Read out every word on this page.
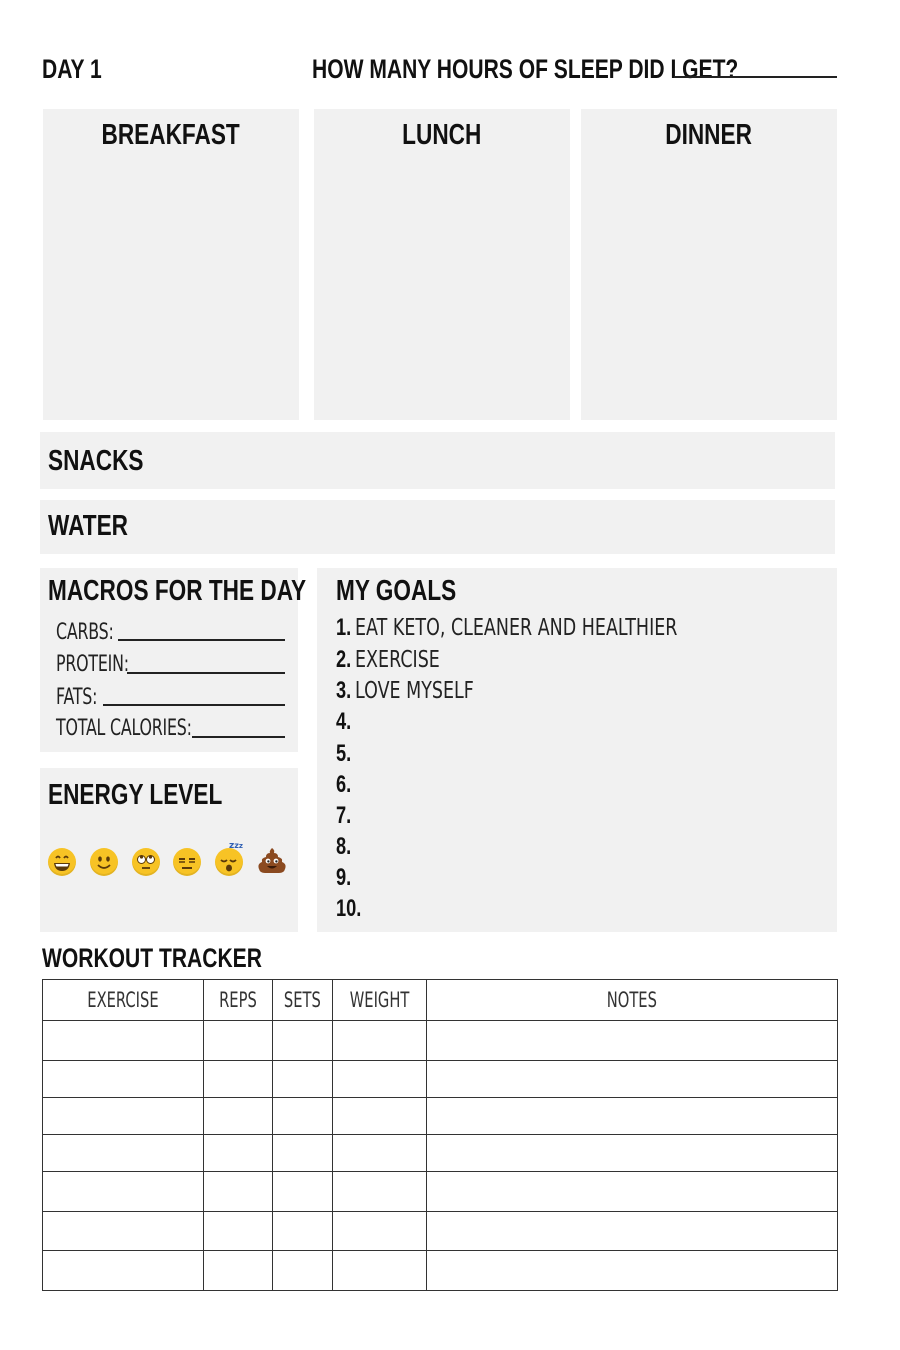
DAY 1	HOW MANY HOURS OF SLEEP DID I GET?
BREAKFAST	LUNCH	DINNER
SNACKS
WATER
MACROS FOR THE DAY
CARBS:
PROTEIN:
FATS:
TOTAL CALORIES:
ENERGY LEVEL
zzz
MY GOALS
1. EAT KETO, CLEANER AND HEALTHIER
2. EXERCISE
3. LOVE MYSELF
4.
5.
6.
7.
8.
9.
10.
WORKOUT TRACKER
EXERCISE	REPS	SETS	WEIGHT	NOTES
